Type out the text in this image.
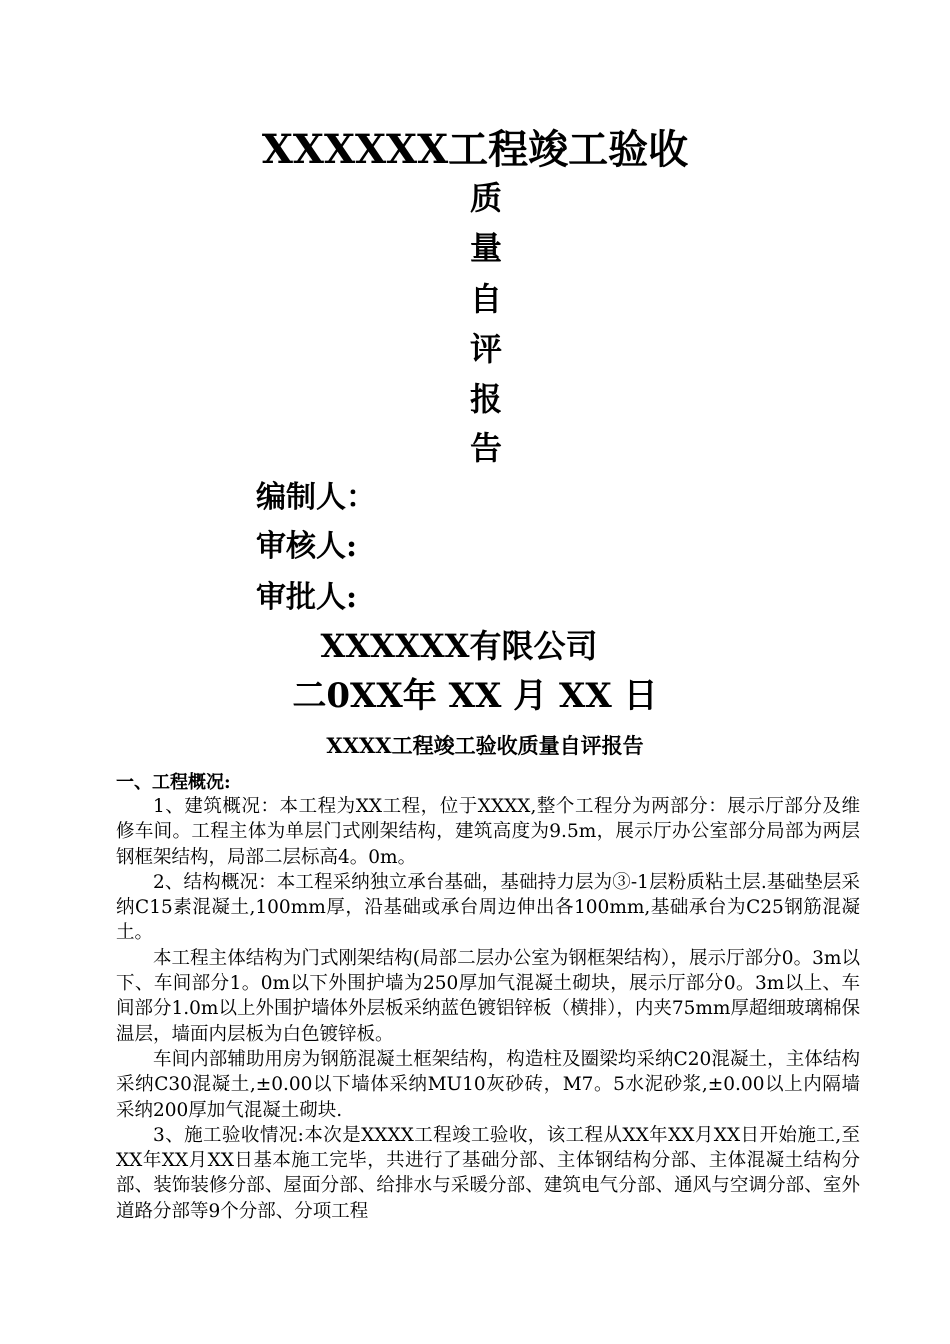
XXXXXX工程竣工验收
质
量
自
评
报
告
编制人：
审核人:
审批人:
XXXXXX有限公司
二0XX年 XX 月 XX 日
XXXX工程竣工验收质量自评报告
一、工程概况:

1、建筑概况：本工程为XX工程，位于XXXX,整个工程分为两部分：展示厅部分及维修车间。工程主体为单层门式刚架结构，建筑高度为9.5m，展示厅办公室部分局部为两层钢框架结构，局部二层标高4。0m。

2、结构概况：本工程采纳独立承台基础，基础持力层为③-1层粉质粘土层.基础垫层采纳C15素混凝土,100mm厚，沿基础或承台周边伸出各100mm,基础承台为C25钢筋混凝土。

本工程主体结构为门式刚架结构(局部二层办公室为钢框架结构），展示厅部分0。3m以下、车间部分1。0m以下外围护墙为250厚加气混凝土砌块，展示厅部分0。3m以上、车间部分1.0m以上外围护墙体外层板采纳蓝色镀铝锌板（横排），内夹75mm厚超细玻璃棉保温层，墙面内层板为白色镀锌板。

车间内部辅助用房为钢筋混凝土框架结构，构造柱及圈梁均采纳C20混凝土，主体结构采纳C30混凝土,±0.00以下墙体采纳MU10灰砂砖，M7。5水泥砂浆,±0.00以上内隔墙采纳200厚加气混凝土砌块.

3、施工验收情况:本次是XXXX工程竣工验收，该工程从XX年XX月XX日开始施工,至XX年XX月XX日基本施工完毕，共进行了基础分部、主体钢结构分部、主体混凝土结构分部、装饰装修分部、屋面分部、给排水与采暖分部、建筑电气分部、通风与空调分部、室外道路分部等9个分部、分项工程
